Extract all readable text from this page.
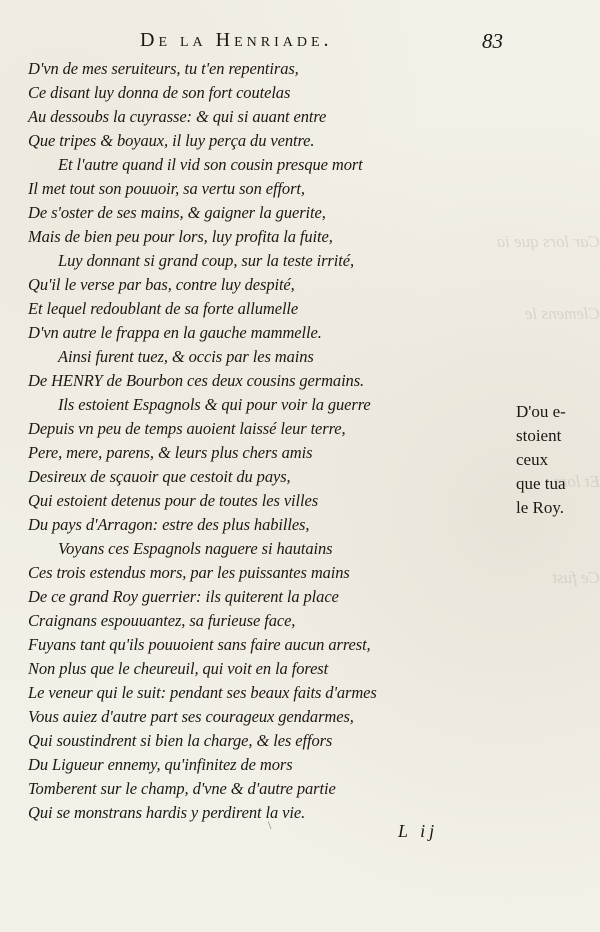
Car lors que ia
Clemens le
Et lors
Ce fust
De la Henriade.	83
D'vn de mes seruiteurs, tu t'en repentiras,
Ce disant luy donna de son fort coutelas
Au dessoubs la cuyrasse: & qui si auant entre
Que tripes & boyaux, il luy perça du ventre.
Et l'autre quand il vid son cousin presque mort
Il met tout son pouuoir, sa vertu son effort,
De s'oster de ses mains, & gaigner la guerite,
Mais de bien peu pour lors, luy profita la fuite,
Luy donnant si grand coup, sur la teste irrité,
Qu'il le verse par bas, contre luy despité,
Et lequel redoublant de sa forte allumelle
D'vn autre le frappa en la gauche mammelle.
Ainsi furent tuez, & occis par les mains
De HENRY de Bourbon ces deux cousins germains.
Ils estoient Espagnols & qui pour voir la guerre
Depuis vn peu de temps auoient laissé leur terre,
Pere, mere, parens, & leurs plus chers amis
Desireux de sçauoir que cestoit du pays,
Qui estoient detenus pour de toutes les villes
Du pays d'Arragon: estre des plus habilles,
Voyans ces Espagnols naguere si hautains
Ces trois estendus mors, par les puissantes mains
De ce grand Roy guerrier: ils quiterent la place
Craignans espouuantez, sa furieuse face,
Fuyans tant qu'ils pouuoient sans faire aucun arrest,
Non plus que le cheureuil, qui voit en la forest
Le veneur qui le suit: pendant ses beaux faits d'armes
Vous auiez d'autre part ses courageux gendarmes,
Qui soustindrent si bien la charge, & les effors
Du Ligueur ennemy, qu'infinitez de mors
Tomberent sur le champ, d'vne & d'autre partie
Qui se monstrans hardis y perdirent la vie.
D'ou e-
stoient
ceux
que tua
le Roy.
L ij
\
